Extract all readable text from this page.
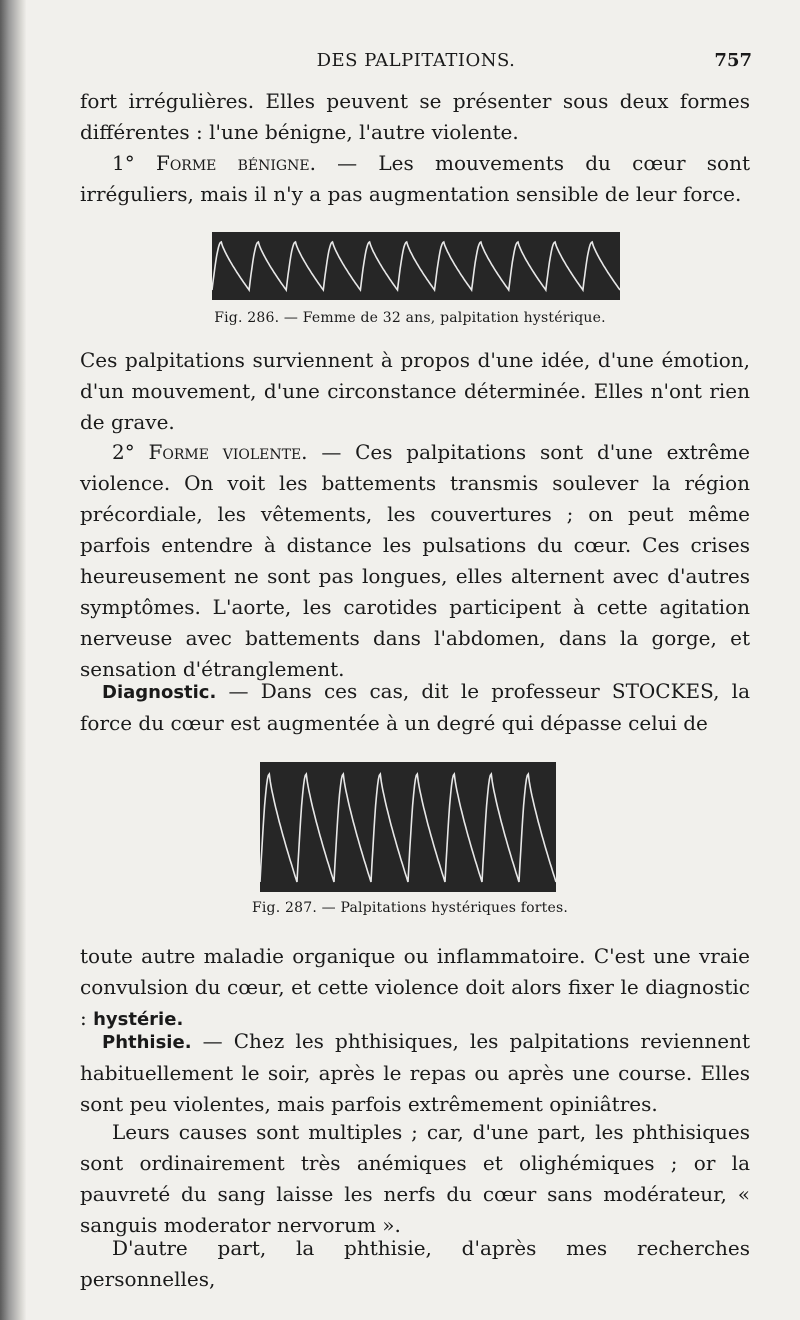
DES PALPITATIONS.	757

fort irrégulières. Elles peuvent se présenter sous deux formes différentes : l'une bénigne, l'autre violente.

1° Forme bénigne. — Les mouvements du cœur sont irréguliers, mais il n'y a pas augmentation sensible de leur force.

Fig. 286. — Femme de 32 ans, palpitation hystérique.

Ces palpitations surviennent à propos d'une idée, d'une émotion, d'un mouvement, d'une circonstance déterminée. Elles n'ont rien de grave.

2° Forme violente. — Ces palpitations sont d'une extrême violence. On voit les battements transmis soulever la région précordiale, les vêtements, les couvertures ; on peut même parfois entendre à distance les pulsations du cœur. Ces crises heureusement ne sont pas longues, elles alternent avec d'autres symptômes. L'aorte, les carotides participent à cette agitation nerveuse avec battements dans l'abdomen, dans la gorge, et sensation d'étranglement.

Diagnostic. — Dans ces cas, dit le professeur STOCKES, la force du cœur est augmentée à un degré qui dépasse celui de

Fig. 287. — Palpitations hystériques fortes.

toute autre maladie organique ou inflammatoire. C'est une vraie convulsion du cœur, et cette violence doit alors fixer le diagnostic : hystérie.

Phthisie. — Chez les phthisiques, les palpitations reviennent habituellement le soir, après le repas ou après une course. Elles sont peu violentes, mais parfois extrêmement opiniâtres.

Leurs causes sont multiples ; car, d'une part, les phthisiques sont ordinairement très anémiques et olighémiques ; or la pauvreté du sang laisse les nerfs du cœur sans modérateur, « sanguis moderator nervorum ».

D'autre part, la phthisie, d'après mes recherches personnelles,
